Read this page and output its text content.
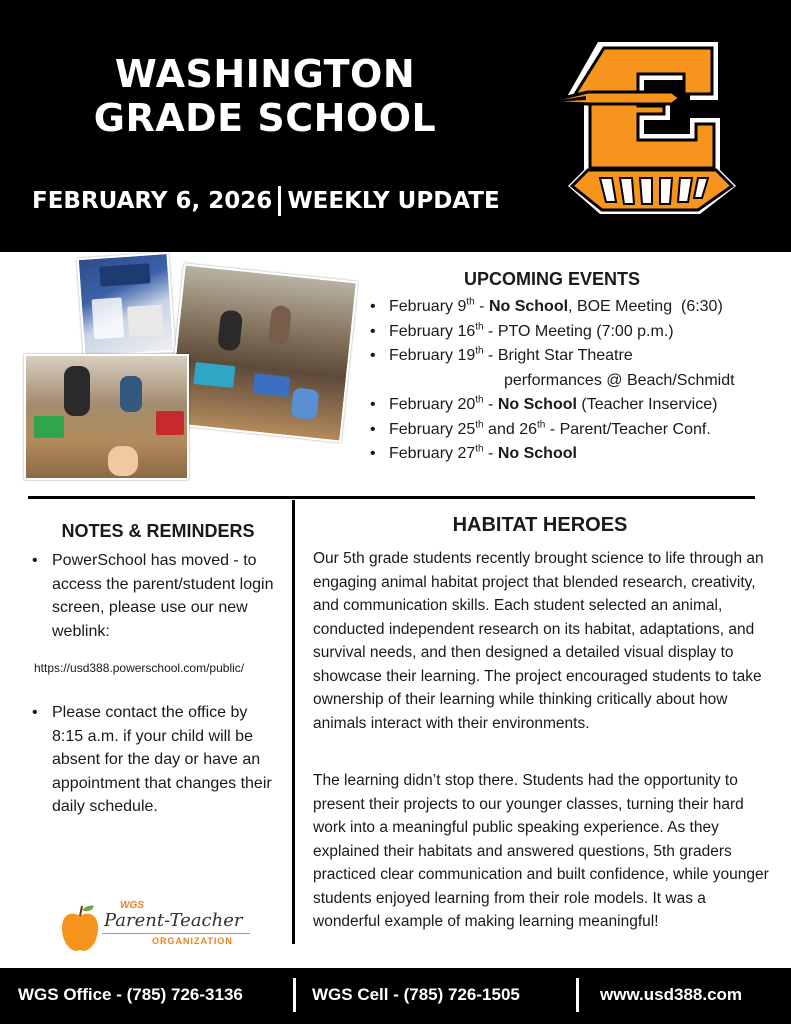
WASHINGTON
GRADE SCHOOL
FEBRUARY 6, 2026 WEEKLY UPDATE
UPCOMING EVENTS
• February 9th - No School, BOE Meeting  (6:30)
• February 16th - PTO Meeting (7:00 p.m.)
• February 19th - Bright Star Theatre
performances @ Beach/Schmidt
• February 20th - No School (Teacher Inservice)
• February 25th and 26th - Parent/Teacher Conf.
• February 27th - No School
NOTES & REMINDERS
• PowerSchool has moved - to access the parent/student login screen, please use our new weblink:
https://usd388.powerschool.com/public/
• Please contact the office by 8:15 a.m. if your child will be absent for the day or have an appointment that changes their daily schedule.
WGS
Parent-Teacher
ORGANIZATION
HABITAT HEROES

Our 5th grade students recently brought science to life through an engaging animal habitat project that blended research, creativity, and communication skills. Each student selected an animal, conducted independent research on its habitat, adaptations, and survival needs, and then designed a detailed visual display to showcase their learning. The project encouraged students to take ownership of their learning while thinking critically about how animals interact with their environments.

The learning didn’t stop there. Students had the opportunity to present their projects to our younger classes, turning their hard work into a meaningful public speaking experience. As they explained their habitats and answered questions, 5th graders practiced clear communication and built confidence, while younger students enjoyed learning from their role models. It was a wonderful example of making learning meaningful!

WGS Office - (785) 726-3136	WGS Cell - (785) 726-1505	www.usd388.com
